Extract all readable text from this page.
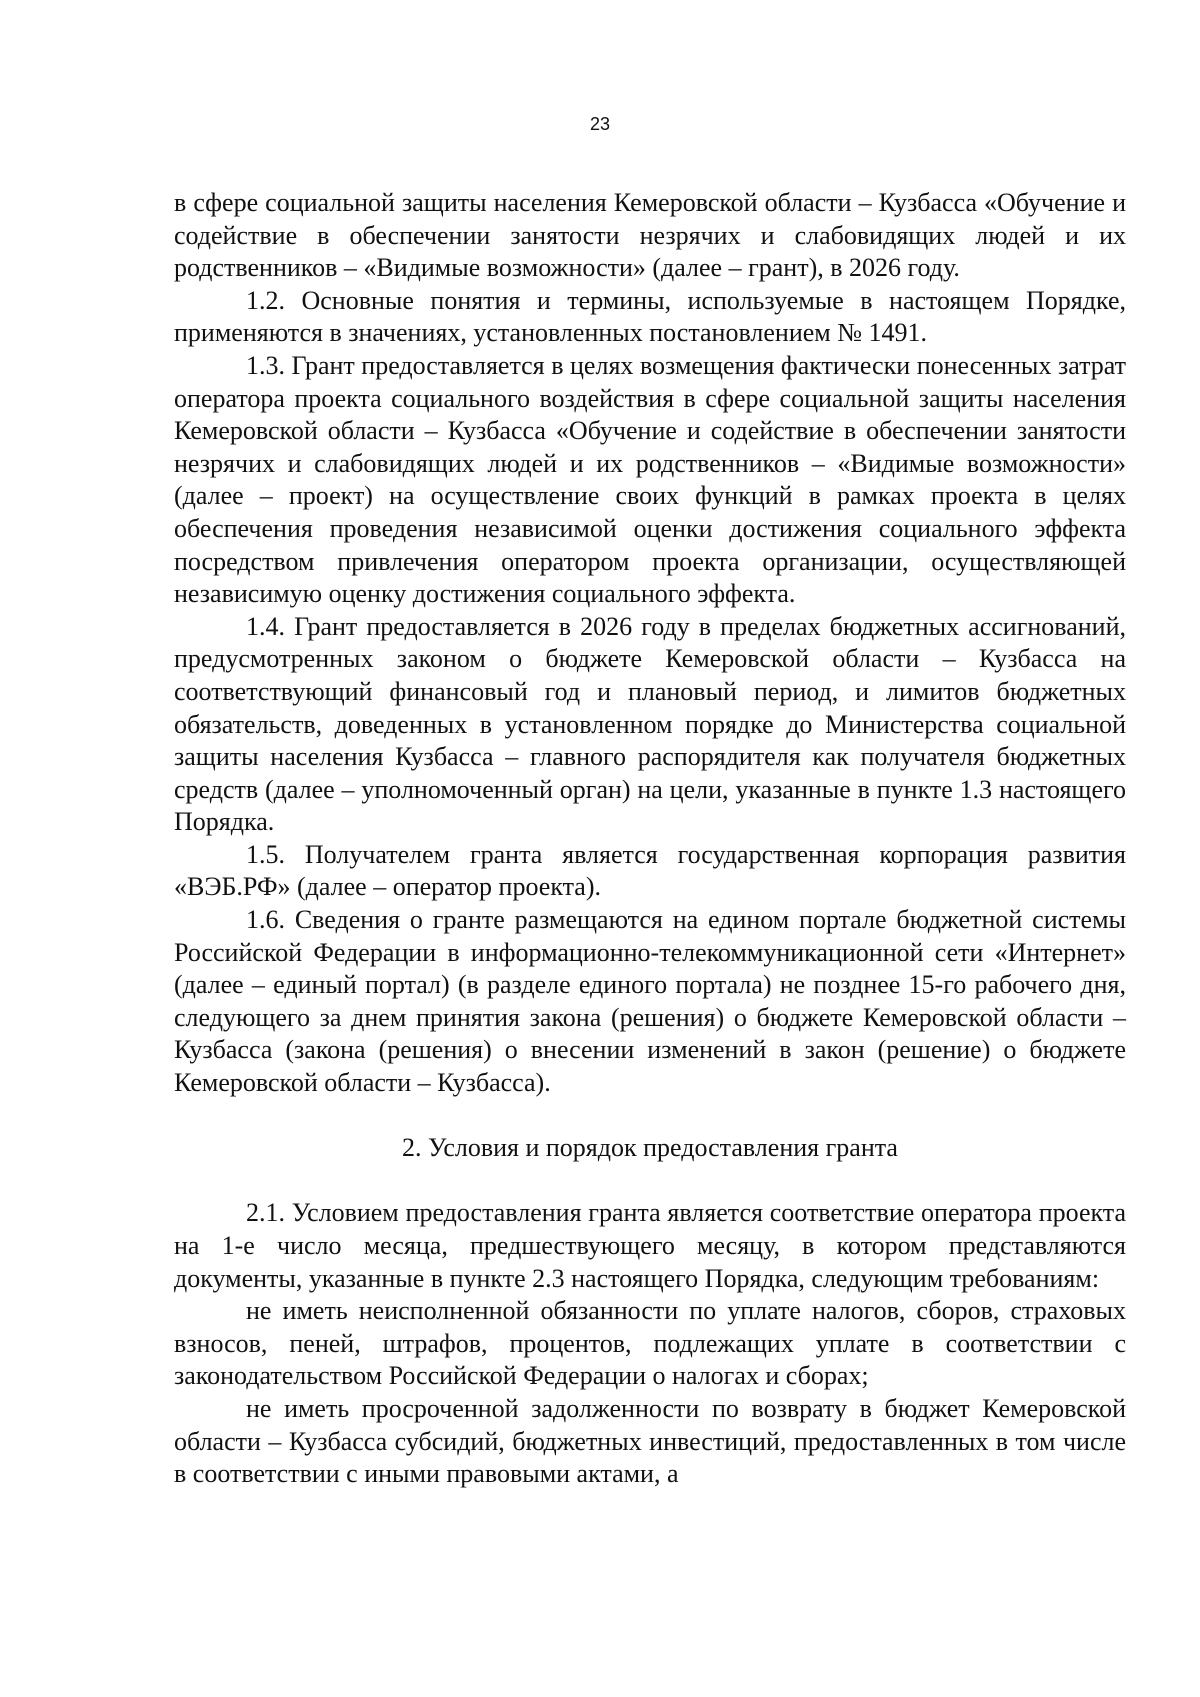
23

в сфере социальной защиты населения Кемеровской области – Кузбасса «Обучение и содействие в обеспечении занятости незрячих и слабовидящих людей и их родственников – «Видимые возможности» (далее – грант), в 2026 году.

1.2. Основные понятия и термины, используемые в настоящем Порядке, применяются в значениях, установленных постановлением № 1491.

1.3. Грант предоставляется в целях возмещения фактически понесенных затрат оператора проекта социального воздействия в сфере социальной защиты населения Кемеровской области – Кузбасса «Обучение и содействие в обеспечении занятости незрячих и слабовидящих людей и их родственников – «Видимые возможности» (далее – проект) на осуществление своих функций в рамках проекта в целях обеспечения проведения независимой оценки достижения социального эффекта посредством привлечения оператором проекта организации, осуществляющей независимую оценку достижения социального эффекта.

1.4. Грант предоставляется в 2026 году в пределах бюджетных ассигнований, предусмотренных законом о бюджете Кемеровской области – Кузбасса на соответствующий финансовый год и плановый период, и лимитов бюджетных обязательств, доведенных в установленном порядке до Министерства социальной защиты населения Кузбасса – главного распорядителя как получателя бюджетных средств (далее – уполномоченный орган) на цели, указанные в пункте 1.3 настоящего Порядка.

1.5. Получателем гранта является государственная корпорация развития «ВЭБ.РФ» (далее – оператор проекта).

1.6. Сведения о гранте размещаются на едином портале бюджетной системы Российской Федерации в информационно-телекоммуникационной сети «Интернет» (далее – единый портал) (в разделе единого портала) не позднее 15-го рабочего дня, следующего за днем принятия закона (решения) о бюджете Кемеровской области – Кузбасса (закона (решения) о внесении изменений в закон (решение) о бюджете Кемеровской области – Кузбасса).

2. Условия и порядок предоставления гранта

2.1. Условием предоставления гранта является соответствие оператора проекта на 1-е число месяца, предшествующего месяцу, в котором представляются документы, указанные в пункте 2.3 настоящего Порядка, следующим требованиям:

не иметь неисполненной обязанности по уплате налогов, сборов, страховых взносов, пеней, штрафов, процентов, подлежащих уплате в соответствии с законодательством Российской Федерации о налогах и сборах;

не иметь просроченной задолженности по возврату в бюджет Кемеровской области – Кузбасса субсидий, бюджетных инвестиций, предоставленных в том числе в соответствии с иными правовыми актами, а
